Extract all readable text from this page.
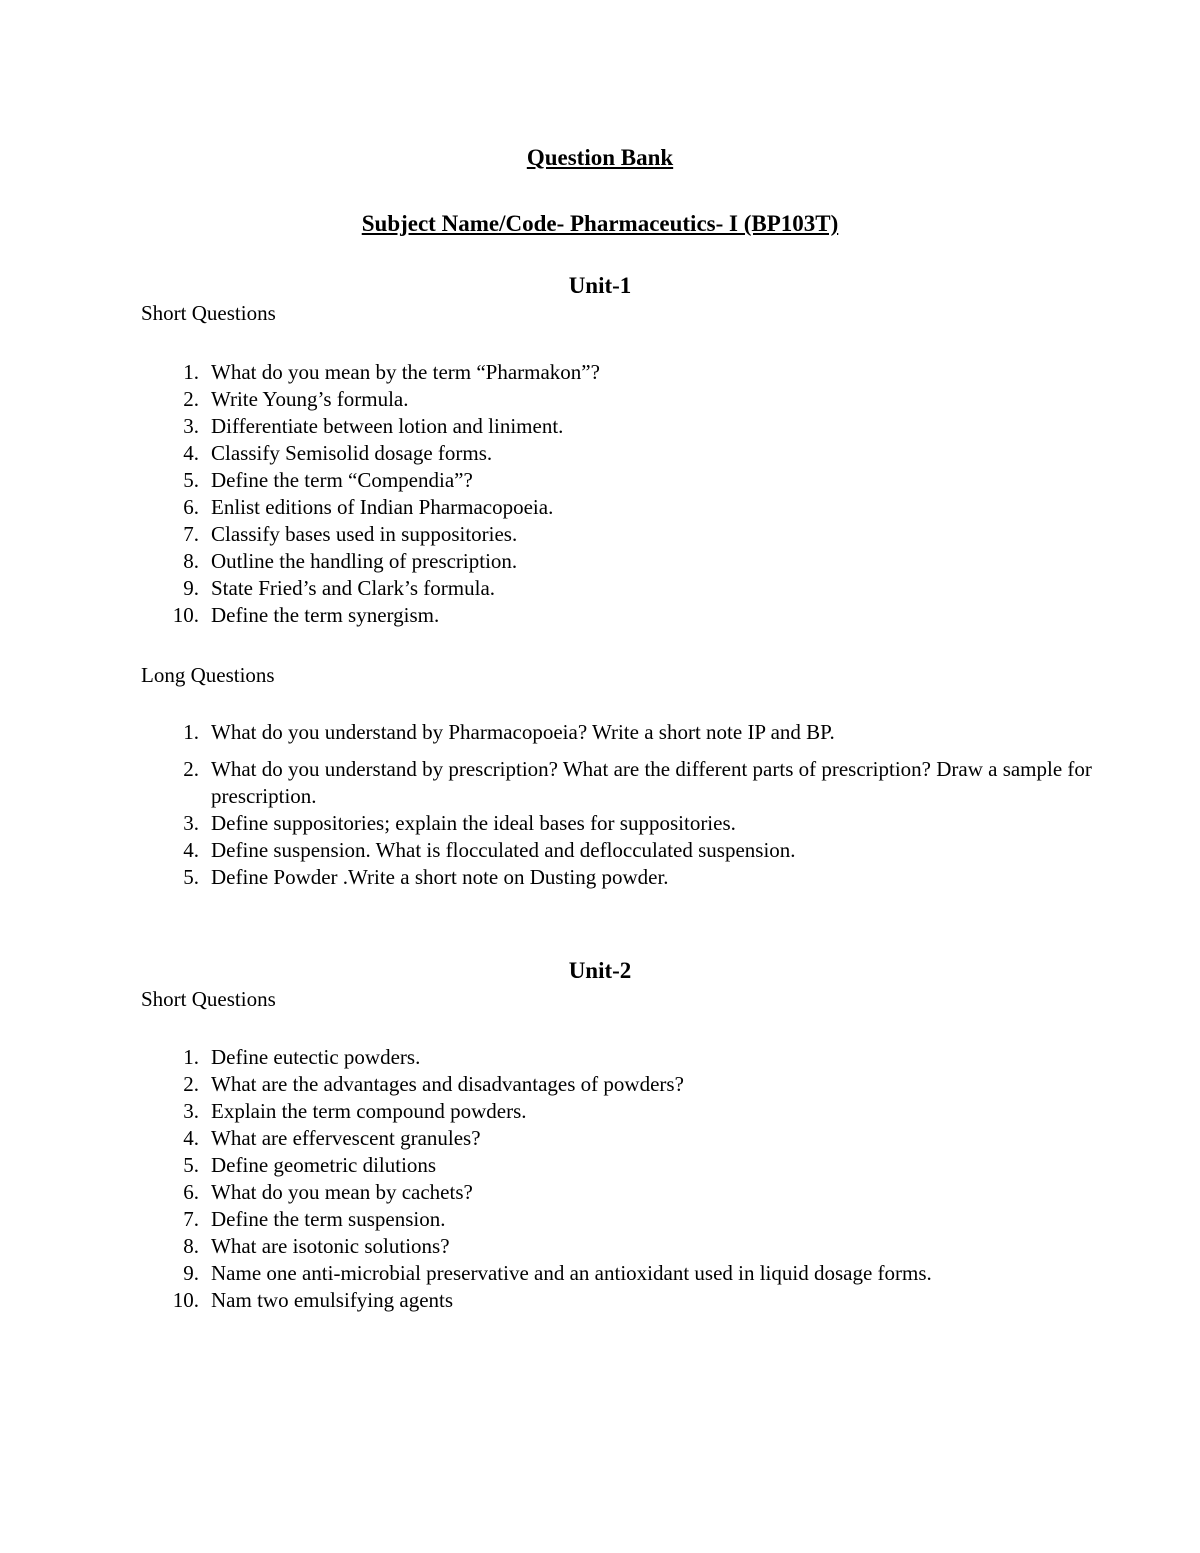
Question Bank
Subject Name/Code- Pharmaceutics- I (BP103T)
Unit-1
Short Questions
1. What do you mean by the term “Pharmakon”?
2. Write Young’s formula.
3. Differentiate between lotion and liniment.
4. Classify Semisolid dosage forms.
5. Define the term “Compendia”?
6. Enlist editions of Indian Pharmacopoeia.
7. Classify bases used in suppositories.
8. Outline the handling of prescription.
9. State Fried’s and Clark’s formula.
10. Define the term synergism.
Long Questions
1. What do you understand by Pharmacopoeia? Write a short note IP and BP.
2. What do you understand by prescription? What are the different parts of prescription? Draw a sample for prescription.
3. Define suppositories; explain the ideal bases for suppositories.
4. Define suspension. What is flocculated and deflocculated suspension.
5. Define Powder .Write a short note on Dusting powder.
Unit-2
Short Questions
1. Define eutectic powders.
2. What are the advantages and disadvantages of powders?
3. Explain the term compound powders.
4. What are effervescent granules?
5. Define geometric dilutions
6. What do you mean by cachets?
7. Define the term suspension.
8. What are isotonic solutions?
9. Name one anti-microbial preservative and an antioxidant used in liquid dosage forms.
10. Nam two emulsifying agents
